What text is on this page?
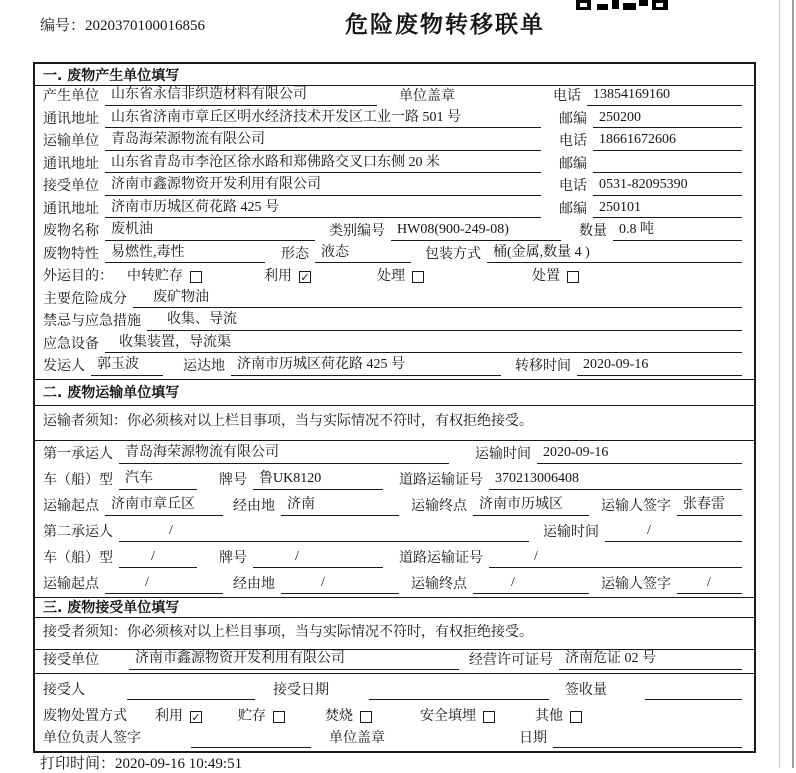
编号：2020370100016856	危险废物转移联单
一. 废物产生单位填写
产生单位 山东省永信非织造材料有限公司	单位盖章	电话 13854169160
通讯地址 山东省济南市章丘区明水经济技术开发区工业一路 501 号	邮编 250200
运输单位 青岛海荣源物流有限公司	电话 18661672606
通讯地址 山东省青岛市李沧区徐水路和郑佛路交叉口东侧 20 米	邮编
接受单位 济南市鑫源物资开发利用有限公司	电话 0531-82095390
通讯地址 济南市历城区荷花路 425 号	邮编 250101
废物名称 废机油	类别编号 HW08(900-249-08)	数量 0.8 吨
废物特性 易燃性,毒性	形态 液态	包装方式 桶(金属,数量 4 )
外运目的： 中转贮存	利用 ✓	处理	处置
主要危险成分	废矿物油
禁忌与应急措施	收集、导流
应急设备	收集装置，导流渠
发运人 郭玉波	运达地 济南市历城区荷花路 425 号	转移时间 2020-09-16
二. 废物运输单位填写
运输者须知：你必须核对以上栏目事项，当与实际情况不符时，有权拒绝接受。
第一承运人 青岛海荣源物流有限公司	运输时间 2020-09-16
车（船）型 汽车	牌号 鲁UK8120	道路运输证号 370213006408
运输起点 济南市章丘区	经由地 济南	运输终点 济南市历城区	运输人签字 张春雷
第二承运人	/	运输时间	/
车（船）型	/	牌号	/	道路运输证号	/
运输起点	/	经由地	/	运输终点	/	运输人签字	/
三. 废物接受单位填写
接受者须知：你必须核对以上栏目事项，当与实际情况不符时，有权拒绝接受。
接受单位	济南市鑫源物资开发利用有限公司	经营许可证号 济南危证 02 号
接受人	接受日期	签收量
废物处置方式 利用 ✓	贮存	焚烧	安全填埋	其他
单位负责人签字	单位盖章	日期
打印时间：2020-09-16 10:49:51
